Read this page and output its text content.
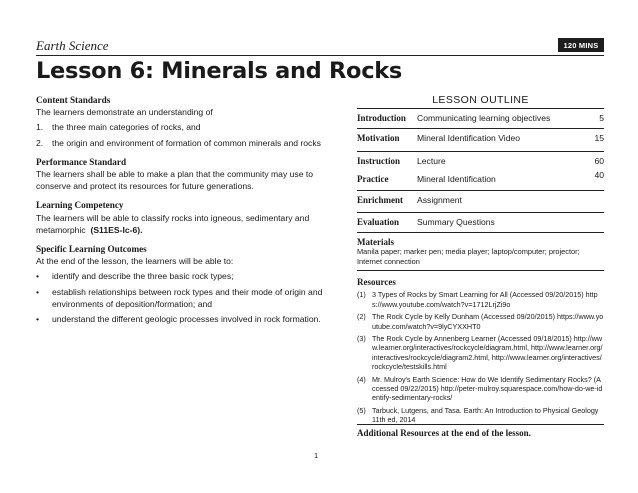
Earth Science	120 MINS
Lesson 6: Minerals and Rocks
Content Standards
The learners demonstrate an understanding of
1. the three main categories of rocks, and
2. the origin and environment of formation of common minerals and rocks
Performance Standard
The learners shall be able to make a plan that the community may use to conserve and protect its resources for future generations.
Learning Competency
The learners will be able to classify rocks into igneous, sedimentary and metamorphic (S11ES-Ic-6).
Specific Learning Outcomes
At the end of the lesson, the learners will be able to:
• identify and describe the three basic rock types;
• establish relationships between rock types and their mode of origin and environments of deposition/formation; and
• understand the different geologic processes involved in rock formation.
LESSON OUTLINE
Introduction Communicating learning objectives	5
Motivation Mineral Identification Video	15
Instruction Lecture	60
Practice	Mineral Identification	40
Enrichment Assignment
Evaluation Summary Questions
Materials
Manila paper; marker pen; media player; laptop/computer; projector; Internet connection
Resources
(1) 3 Types of Rocks by Smart Learning for All (Accessed 09/20/2015) https://www.youtube.com/watch?v=1712LrjZi9o
(2) The Rock Cycle by Kelly Dunham (Accessed 09/20/2015) https://www.youtube.com/watch?v=9lyCYXXHT0
(3) The Rock Cycle by Annenberg Learner (Accessed 09/18/2015) http://www.learner.org/interactives/rockcycle/diagram.html, http://www.learner.org/interactives/rockcycle/diagram2.html, http://www.learner.org/interactives/rockcycle/testskills.html
(4) Mr. Mulroy's Earth Science: How do We Identify Sedimentary Rocks? (Accessed 09/22/2015) http://peter-mulroy.squarespace.com/how-do-we-identify-sedimentary-rocks/
(5) Tarbuck, Lutgens, and Tasa. Earth: An Introduction to Physical Geology 11th ed, 2014
Additional Resources at the end of the lesson.
1
